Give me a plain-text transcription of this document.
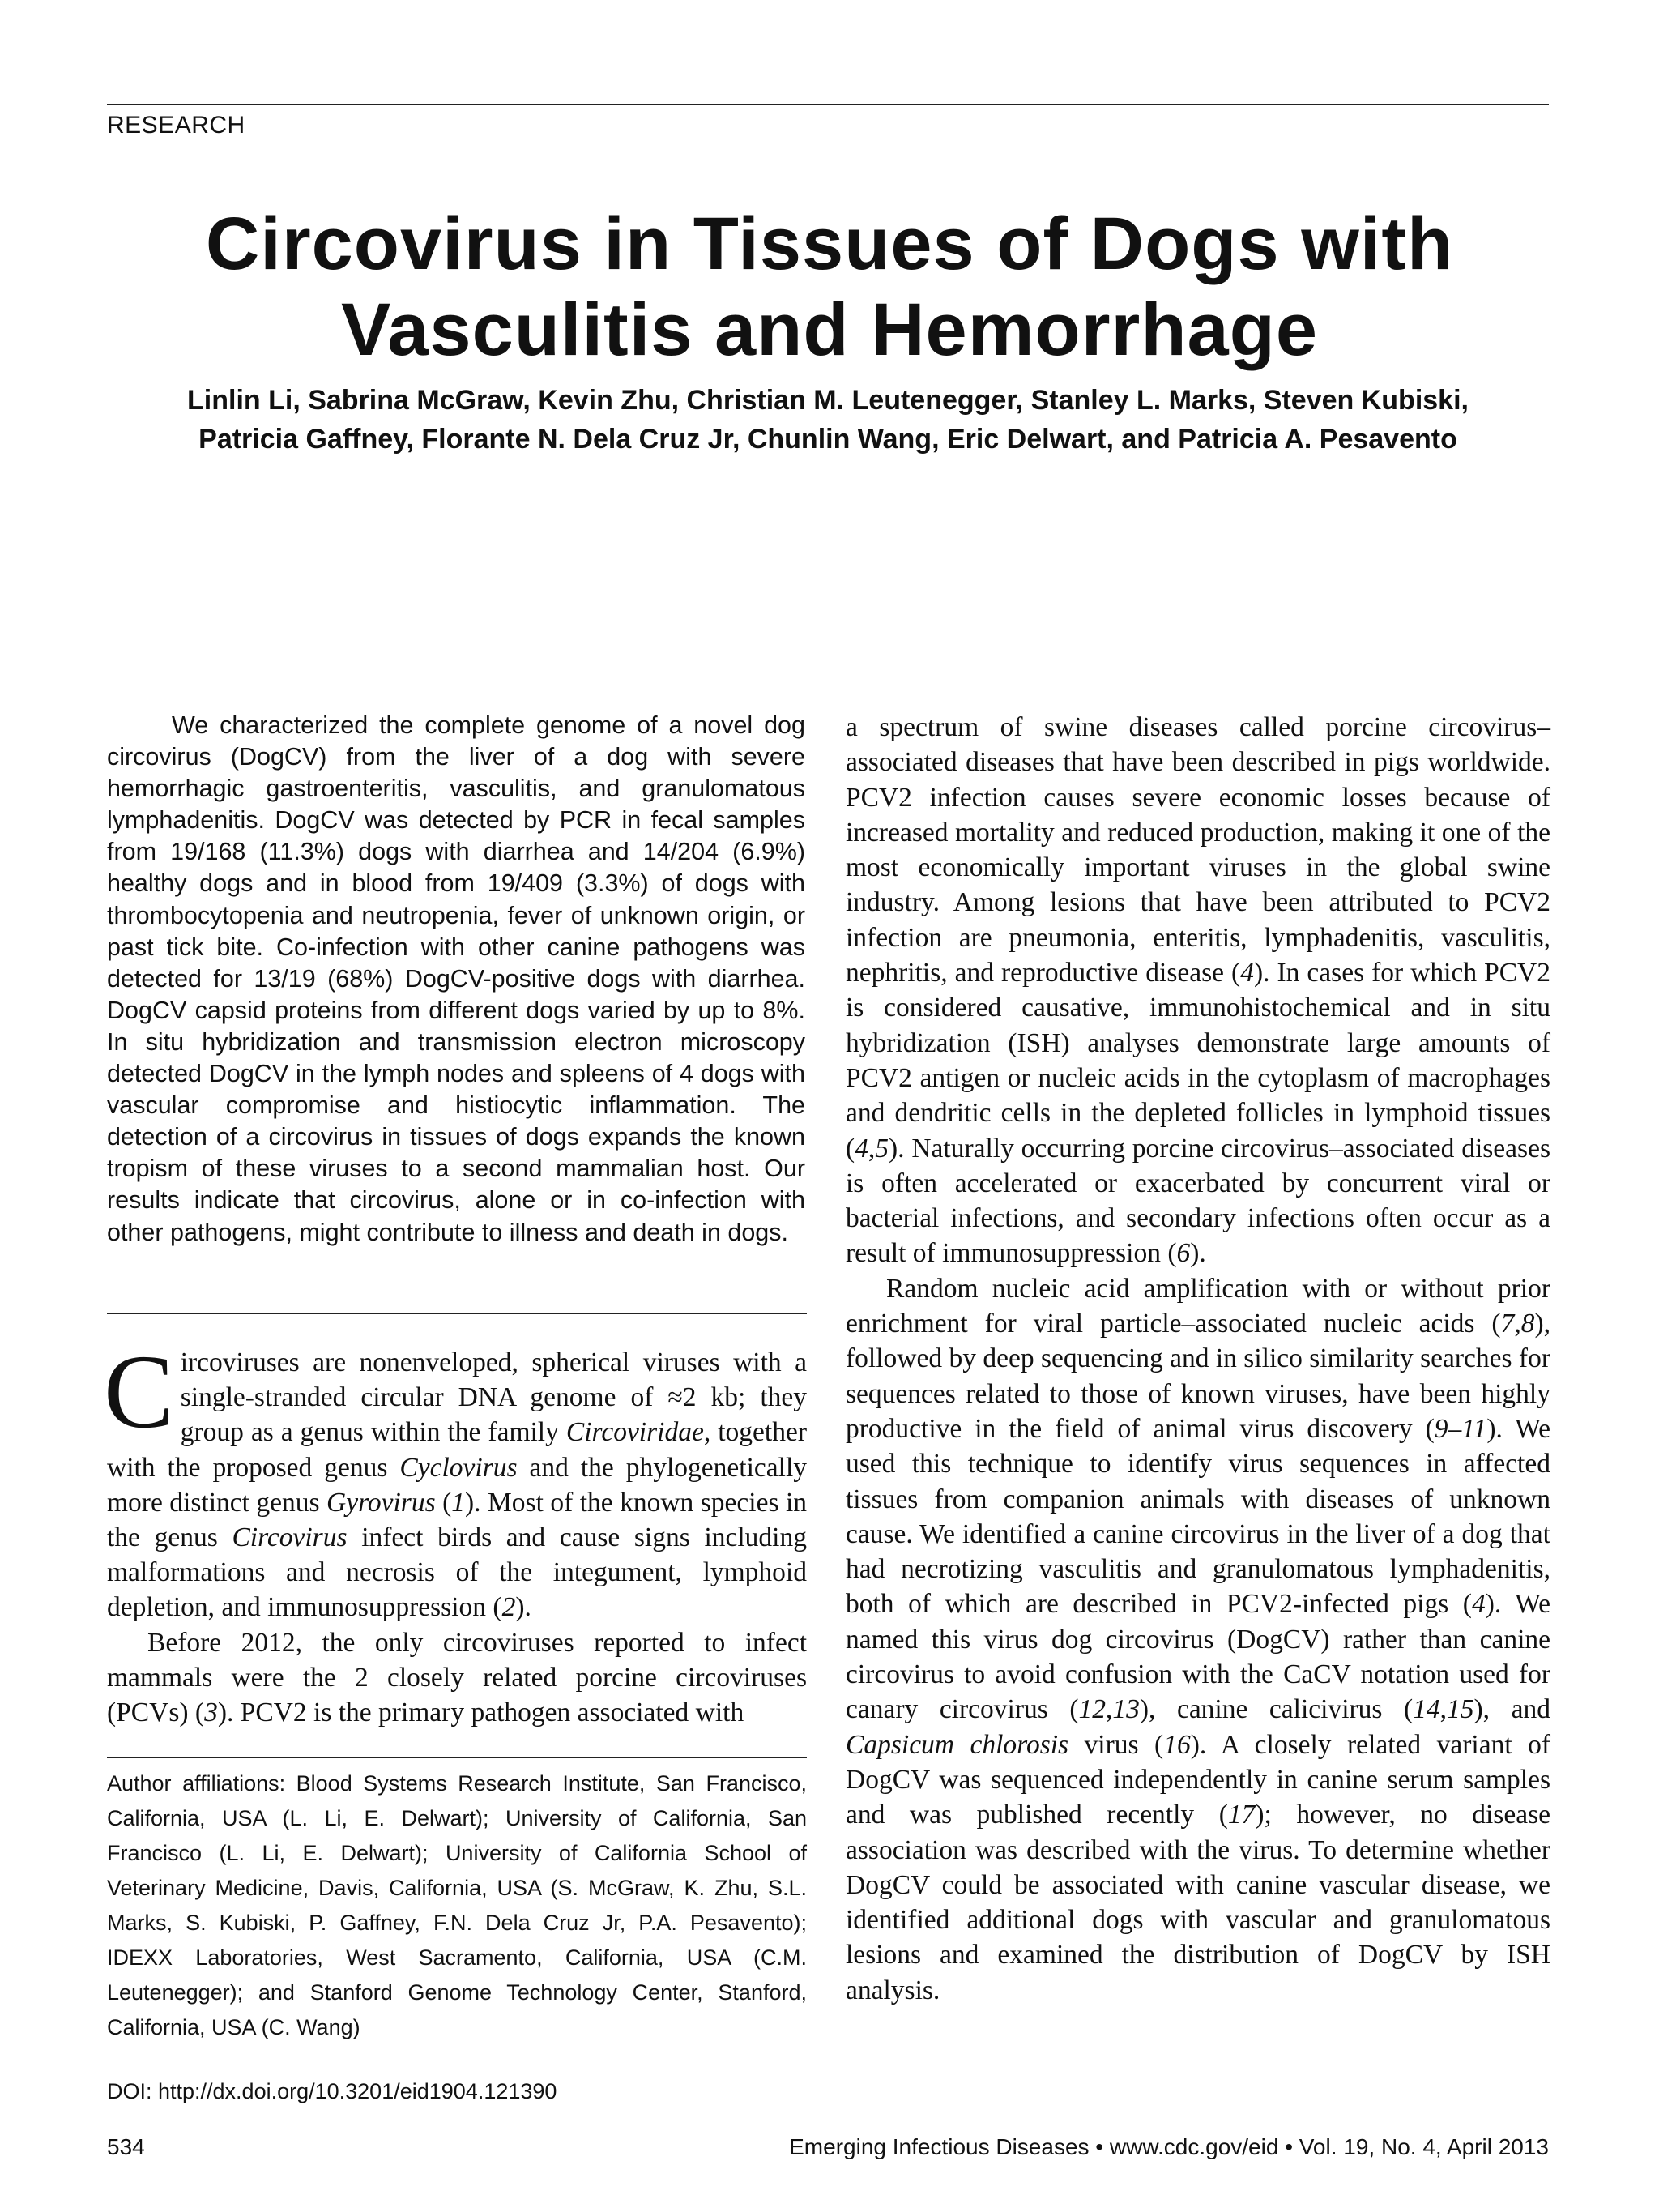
RESEARCH
Circovirus in Tissues of Dogs with
Vasculitis and Hemorrhage
Linlin Li, Sabrina McGraw, Kevin Zhu, Christian M. Leutenegger, Stanley L. Marks, Steven Kubiski,
Patricia Gaffney, Florante N. Dela Cruz Jr, Chunlin Wang, Eric Delwart, and Patricia A. Pesavento

We characterized the complete genome of a novel dog circovirus (DogCV) from the liver of a dog with severe hemorrhagic gastroenteritis, vasculitis, and granulomatous lymphadenitis. DogCV was detected by PCR in fecal samples from 19/168 (11.3%) dogs with diarrhea and 14/204 (6.9%) healthy dogs and in blood from 19/409 (3.3%) of dogs with thrombocytopenia and neutropenia, fever of unknown origin, or past tick bite. Co-infection with other canine pathogens was detected for 13/19 (68%) DogCV-positive dogs with diarrhea. DogCV capsid proteins from different dogs varied by up to 8%. In situ hybridization and transmission electron microscopy detected DogCV in the lymph nodes and spleens of 4 dogs with vascular compromise and histiocytic inflammation. The detection of a circovirus in tissues of dogs expands the known tropism of these viruses to a second mammalian host. Our results indicate that circovirus, alone or in co-infection with other pathogens, might contribute to illness and death in dogs.

Circoviruses are nonenveloped, spherical viruses with a single-stranded circular DNA genome of ≈2 kb; they group as a genus within the family Circoviridae, together with the proposed genus Cyclovirus and the phylogenetically more distinct genus Gyrovirus (1). Most of the known species in the genus Circovirus infect birds and cause signs including malformations and necrosis of the integument, lymphoid depletion, and immunosuppression (2).

Before 2012, the only circoviruses reported to infect mammals were the 2 closely related porcine circoviruses (PCVs) (3). PCV2 is the primary pathogen associated with

Author affiliations: Blood Systems Research Institute, San Francisco, California, USA (L. Li, E. Delwart); University of California, San Francisco (L. Li, E. Delwart); University of California School of Veterinary Medicine, Davis, California, USA (S. McGraw, K. Zhu, S.L. Marks, S. Kubiski, P. Gaffney, F.N. Dela Cruz Jr, P.A. Pesavento); IDEXX Laboratories, West Sacramento, California, USA (C.M. Leutenegger); and Stanford Genome Technology Center, Stanford, California, USA (C. Wang)
DOI: http://dx.doi.org/10.3201/eid1904.121390

a spectrum of swine diseases called porcine circovirus–associated diseases that have been described in pigs worldwide. PCV2 infection causes severe economic losses because of increased mortality and reduced production, making it one of the most economically important viruses in the global swine industry. Among lesions that have been attributed to PCV2 infection are pneumonia, enteritis, lymphadenitis, vasculitis, nephritis, and reproductive disease (4). In cases for which PCV2 is considered causative, immunohistochemical and in situ hybridization (ISH) analyses demonstrate large amounts of PCV2 antigen or nucleic acids in the cytoplasm of macrophages and dendritic cells in the depleted follicles in lymphoid tissues (4,5). Naturally occurring porcine circovirus–associated diseases is often accelerated or exacerbated by concurrent viral or bacterial infections, and secondary infections often occur as a result of immunosuppression (6).

Random nucleic acid amplification with or without prior enrichment for viral particle–associated nucleic acids (7,8), followed by deep sequencing and in silico similarity searches for sequences related to those of known viruses, have been highly productive in the field of animal virus discovery (9–11). We used this technique to identify virus sequences in affected tissues from companion animals with diseases of unknown cause. We identified a canine circovirus in the liver of a dog that had necrotizing vasculitis and granulomatous lymphadenitis, both of which are described in PCV2-infected pigs (4). We named this virus dog circovirus (DogCV) rather than canine circovirus to avoid confusion with the CaCV notation used for canary circovirus (12,13), canine calicivirus (14,15), and Capsicum chlorosis virus (16). A closely related variant of DogCV was sequenced independently in canine serum samples and was published recently (17); however, no disease association was described with the virus. To determine whether DogCV could be associated with canine vascular disease, we identified additional dogs with vascular and granulomatous lesions and examined the distribution of DogCV by ISH analysis.

534	Emerging Infectious Diseases • www.cdc.gov/eid • Vol. 19, No. 4, April 2013
